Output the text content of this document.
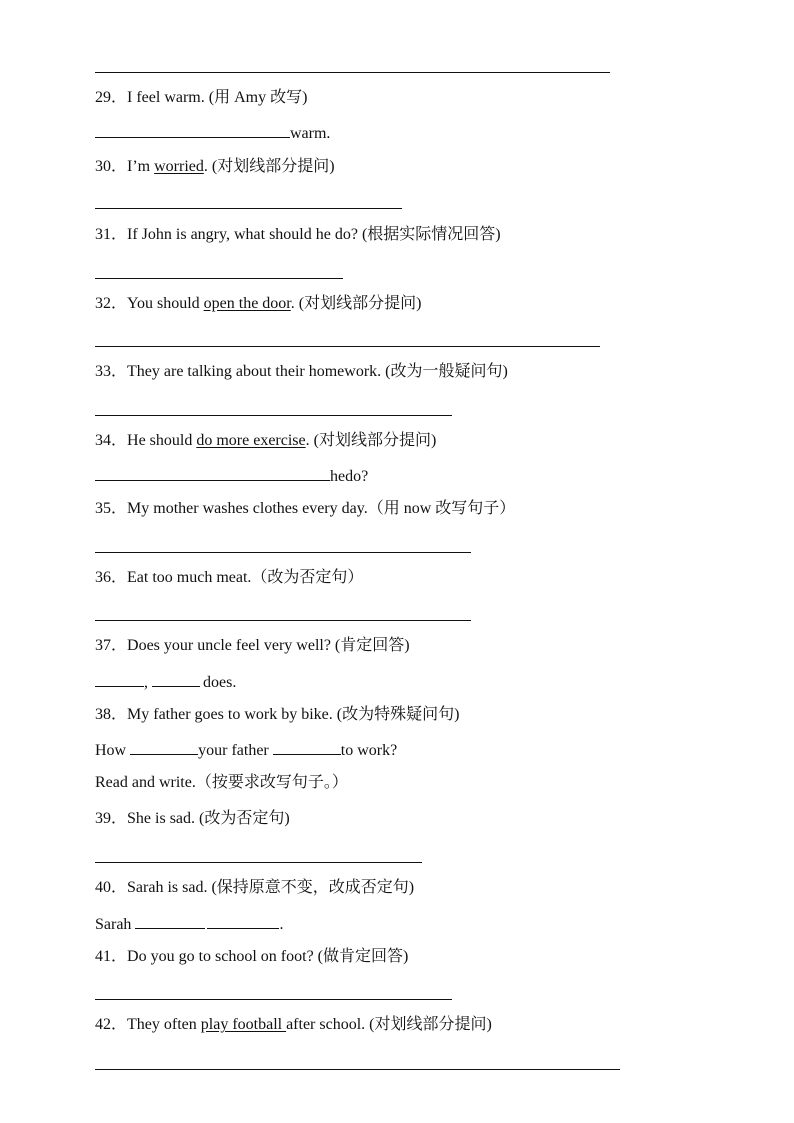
29．I feel warm. (用 Amy 改写)
warm.
30．I’m worried. (对划线部分提问)
31．If John is angry, what should he do? (根据实际情况回答)
32．You should open the door. (对划线部分提问)
33．They are talking about their homework. (改为一般疑问句)
34．He should do more exercise. (对划线部分提问)
hedo?
35．My mother washes clothes every day.（用 now 改写句子）
36．Eat too much meat.（改为否定句）
37．Does your uncle feel very well? (肯定回答)
,	does.
38．My father goes to work by bike. (改为特殊疑问句)
How	your father	to work?
Read and write.（按要求改写句子。）
39．She is sad. (改为否定句)
40．Sarah is sad. (保持原意不变，改成否定句)
Sarah	.
41．Do you go to school on foot? (做肯定回答)
42．They often play football after school. (对划线部分提问)
